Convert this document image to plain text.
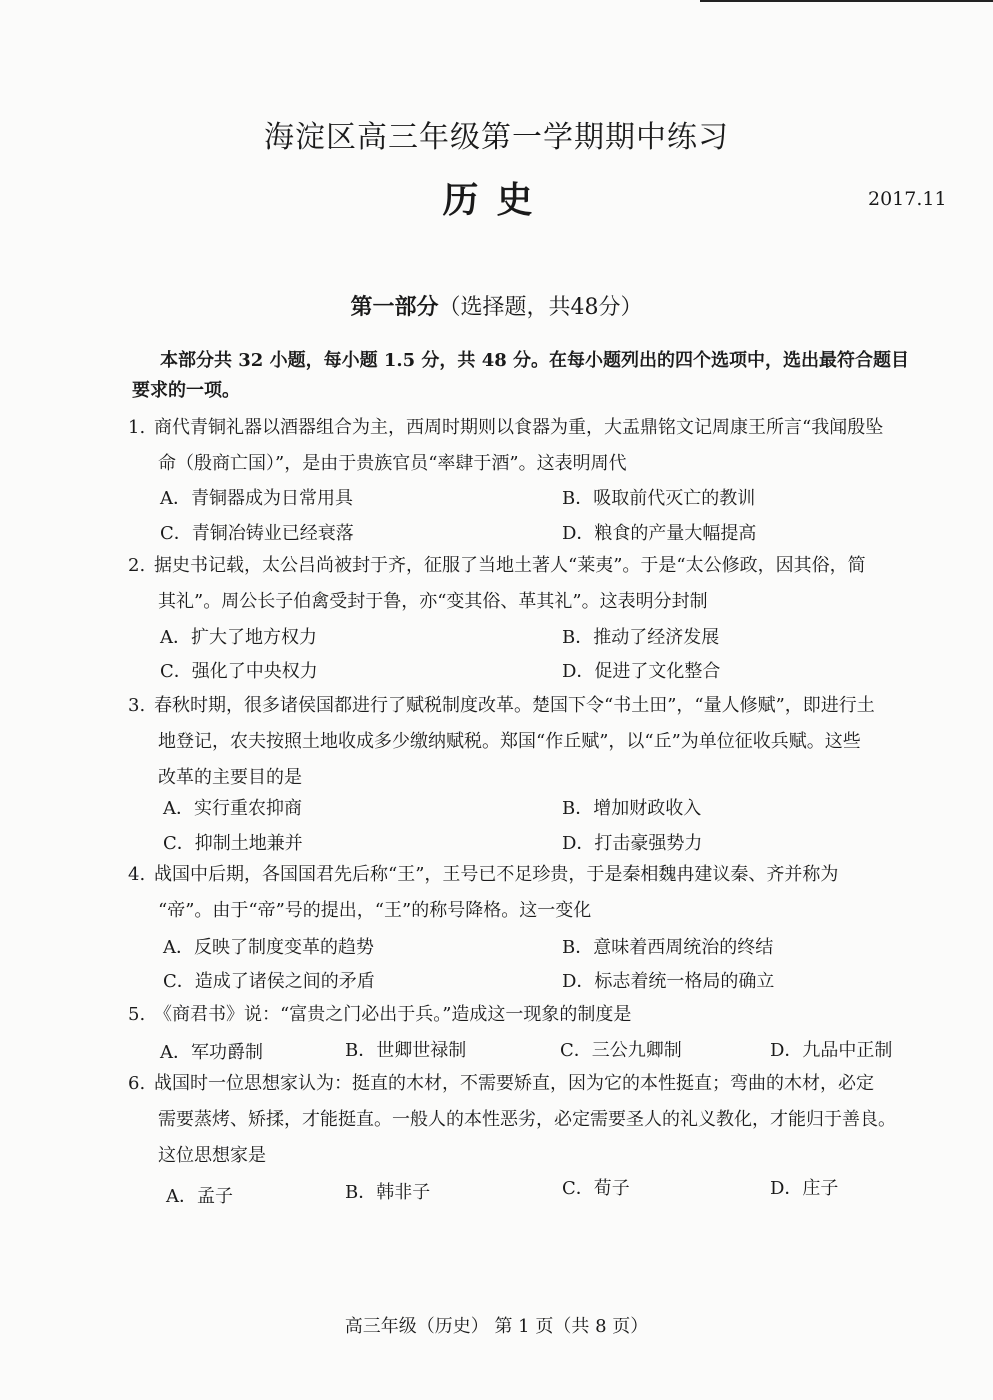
海淀区高三年级第一学期期中练习
历史	2017.11
第一部分（选择题，共48分）
本部分共 32 小题，每小题 1.5 分，共 48 分。在每小题列出的四个选项中，选出最符合题目
要求的一项。
1. 商代青铜礼器以酒器组合为主，西周时期则以食器为重，大盂鼎铭文记周康王所言“我闻殷坠
命（殷商亡国）”，是由于贵族官员“率肆于酒”。这表明周代
A．青铜器成为日常用具	B．吸取前代灭亡的教训
C．青铜冶铸业已经衰落	D．粮食的产量大幅提高
2. 据史书记载，太公吕尚被封于齐，征服了当地土著人“莱夷”。于是“太公修政，因其俗，简
其礼”。周公长子伯禽受封于鲁，亦“变其俗、革其礼”。这表明分封制
A．扩大了地方权力	B．推动了经济发展
C．强化了中央权力	D．促进了文化整合
3. 春秋时期，很多诸侯国都进行了赋税制度改革。楚国下令“书土田”，“量人修赋”，即进行土
地登记，农夫按照土地收成多少缴纳赋税。郑国“作丘赋”，以“丘”为单位征收兵赋。这些
改革的主要目的是
A．实行重农抑商	B．增加财政收入
C．抑制土地兼并	D．打击豪强势力
4. 战国中后期，各国国君先后称“王”，王号已不足珍贵，于是秦相魏冉建议秦、齐并称为
“帝”。由于“帝”号的提出，“王”的称号降格。这一变化
A．反映了制度变革的趋势	B．意味着西周统治的终结
C．造成了诸侯之间的矛盾	D．标志着统一格局的确立
5. 《商君书》说：“富贵之门必出于兵。”造成这一现象的制度是
A．军功爵制	B．世卿世禄制	C．三公九卿制	D．九品中正制
6. 战国时一位思想家认为：挺直的木材，不需要矫直，因为它的本性挺直；弯曲的木材，必定
需要蒸烤、矫揉，才能挺直。一般人的本性恶劣，必定需要圣人的礼义教化，才能归于善良。
这位思想家是
A．孟子	B．韩非子	C．荀子	D．庄子
高三年级（历史） 第 1 页（共 8 页）
